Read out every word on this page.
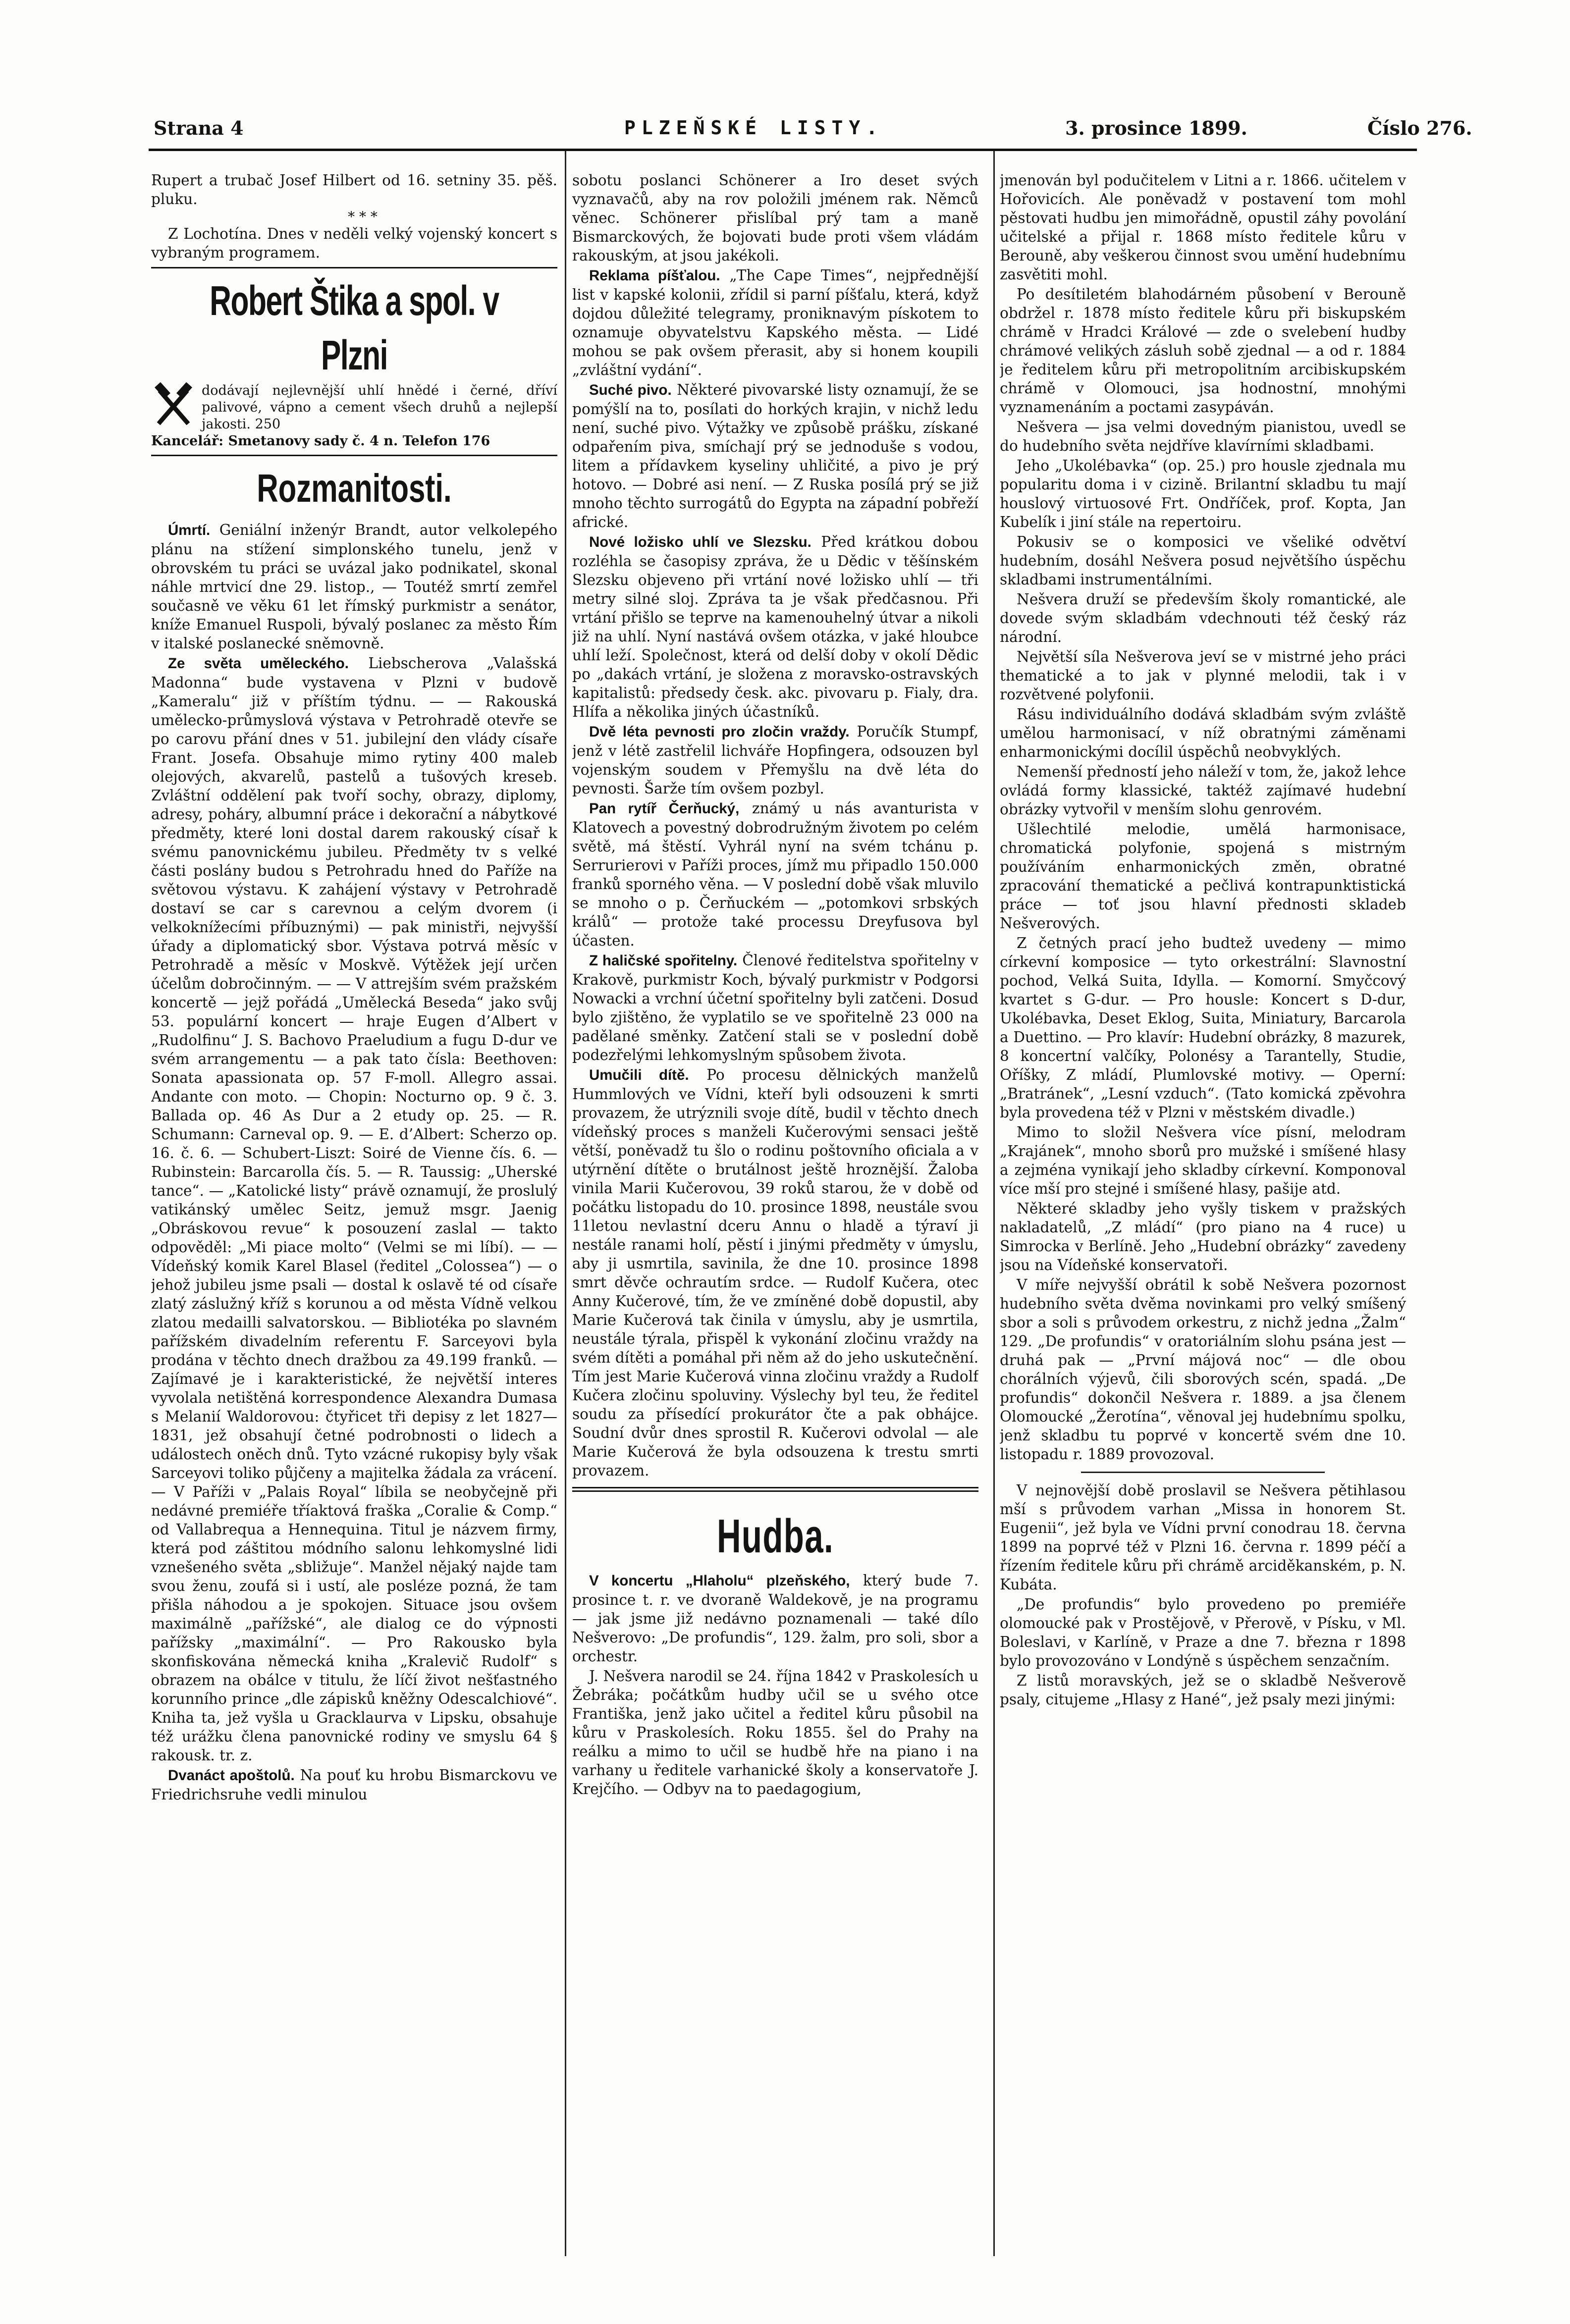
Strana 4	PLZEŇSKÉ LISTY.	3. prosince 1899.	Číslo 276.

Rupert a trubač Josef Hilbert od 16. setniny 35. pěš. pluku.

* * *

Z Lochotína. Dnes v neděli velký vojenský koncert s vybraným programem.

Robert Štika a spol. v Plzni
dodávají nejlevnější uhlí hnědé i černé, dříví palivové, vápno a cement všech druhů a nejlepší jakosti. 250
Kancelář: Smetanovy sady č. 4 n. Telefon 176
Rozmanitosti.

Úmrtí. Geniální inženýr Brandt, autor velkolepého plánu na stížení simplonského tunelu, jenž v obrovském tu práci se uvázal jako podnikatel, skonal náhle mrtvicí dne 29. listop., — Toutéž smrtí zemřel současně ve věku 61 let římský purkmistr a senátor, kníže Emanuel Ruspoli, bývalý poslanec za město Řím v italské poslanecké sněmovně.

Ze světa uměleckého. Liebscherova „Valašská Madonna“ bude vystavena v Plzni v budově „Kameralu“ již v příštím týdnu. — — Rakouská umělecko-průmyslová výstava v Petrohradě otevře se po carovu přání dnes v 51. jubilejní den vlády císaře Frant. Josefa. Obsahuje mimo rytiny 400 maleb olejových, akvarelů, pastelů a tušových kreseb. Zvláštní oddělení pak tvoří sochy, obrazy, diplomy, adresy, poháry, albumní práce i dekorační a nábytkové předměty, které loni dostal darem rakouský císař k svému panovnickému jubileu. Předměty tv s velké části poslány budou s Petrohradu hned do Paříže na světovou výstavu. K zahájení výstavy v Petrohradě dostaví se car s carevnou a celým dvorem (i velkoknížecími příbuznými) — pak ministři, nejvyšší úřady a diplomatický sbor. Výstava potrvá měsíc v Petrohradě a měsíc v Moskvě. Výtěžek její určen účelům dobročinným. — — V attrejším svém pražském koncertě — jejž pořádá „Umělecká Beseda“ jako svůj 53. populární koncert — hraje Eugen d’Albert v „Rudolfinu“ J. S. Bachovo Praeludium a fugu D-dur ve svém arrangementu — a pak tato čísla: Beethoven: Sonata apassionata op. 57 F-moll. Allegro assai. Andante con moto. — Chopin: Nocturno op. 9 č. 3. Ballada op. 46 As Dur a 2 etudy op. 25. — R. Schumann: Carneval op. 9. — E. d’Albert: Scherzo op. 16. č. 6. — Schubert-Liszt: Soiré de Vienne čís. 6. — Rubinstein: Barcarolla čís. 5. — R. Taussig: „Uherské tance“. — „Katolické listy“ právě oznamují, že proslulý vatikánský umělec Seitz, jemuž msgr. Jaenig „Obráskovou revue“ k posouzení zaslal — takto odpověděl: „Mi piace molto“ (Velmi se mi líbí). — — Vídeňský komik Karel Blasel (ředitel „Colossea“) — o jehož jubileu jsme psali — dostal k oslavě té od císaře zlatý záslužný kříž s korunou a od města Vídně velkou zlatou medailli salvatorskou. — Bibliotéka po slavném pařížském divadelním referentu F. Sarceyovi byla prodána v těchto dnech dražbou za 49.199 franků. — Zajímavé je i karakteristické, že největší interes vyvolala netištěná korrespondence Alexandra Dumasa s Melanií Waldorovou: čtyřicet tři depisy z let 1827—1831, jež obsahují četné podrobnosti o lidech a událostech oněch dnů. Tyto vzácné rukopisy byly však Sarceyovi toliko půjčeny a majitelka žádala za vrácení. — V Paříži v „Palais Royal“ líbila se neobyčejně při nedávné premiéře tříaktová fraška „Coralie & Comp.“ od Vallabrequa a Hennequina. Titul je názvem firmy, která pod záštitou módního salonu lehkomyslné lidi vznešeného světa „sbližuje“. Manžel nějaký najde tam svou ženu, zoufá si i ustí, ale posléze pozná, že tam přišla náhodou a je spokojen. Situace jsou ovšem maximálně „pařížské“, ale dialog ce do výpnosti pařížsky „maximální“. — Pro Rakousko byla skonfiskována německá kniha „Kralevič Rudolf“ s obrazem na obálce v titulu, že líčí život nešťastného korunního prince „dle zápisků kněžny Odescalchiové“. Kniha ta, jež vyšla u Gracklaurva v Lipsku, obsahuje též urážku člena panovnické rodiny ve smyslu 64 § rakousk. tr. z.

Dvanáct apoštolů. Na pouť ku hrobu Bismarckovu ve Friedrichsruhe vedli minulou

sobotu poslanci Schönerer a Iro deset svých vyznavačů, aby na rov položili jménem rak. Němců věnec. Schönerer přislíbal prý tam a maně Bismarckových, že bojovati bude proti všem vládám rakouským, at jsou jakékoli.

Reklama píšťalou. „The Cape Times“, nejpřednější list v kapské kolonii, zřídil si parní píšťalu, která, když dojdou důležité telegramy, proniknavým pískotem to oznamuje obyvatelstvu Kapského města. — Lidé mohou se pak ovšem přerasit, aby si honem koupili „zvláštní vydání“.

Suché pivo. Některé pivovarské listy oznamují, že se pomýšlí na to, posílati do horkých krajin, v nichž ledu není, suché pivo. Výtažky ve způsobě prášku, získané odpařením piva, smíchají prý se jednoduše s vodou, litem a přídavkem kyseliny uhličité, a pivo je prý hotovo. — Dobré asi není. — Z Ruska posílá prý se již mnoho těchto surrogátů do Egypta na západní pobřeží africké.

Nové ložisko uhlí ve Slezsku. Před krátkou dobou rozléhla se časopisy zpráva, že u Dědic v těšínském Slezsku objeveno při vrtání nové ložisko uhlí — tři metry silné sloj. Zpráva ta je však předčasnou. Při vrtání přišlo se teprve na kamenouhelný útvar a nikoli již na uhlí. Nyní nastává ovšem otázka, v jaké hloubce uhlí leží. Společnost, která od delší doby v okolí Dědic po „dakách vrtání, je složena z moravsko-ostravských kapitalistů: předsedy česk. akc. pivovaru p. Fialy, dra. Hlífa a několika jiných účastníků.

Dvě léta pevnosti pro zločin vraždy. Poručík Stumpf, jenž v létě zastřelil lichváře Hopfingera, odsouzen byl vojenským soudem v Přemyšlu na dvě léta do pevnosti. Šarže tím ovšem pozbyl.

Pan rytíř Čerňucký, známý u nás avanturista v Klatovech a povestný dobrodružným životem po celém světě, má štěstí. Vyhrál nyní na svém tchánu p. Serrurierovi v Paříži proces, jímž mu připadlo 150.000 franků sporného věna. — V poslední době však mluvilo se mnoho o p. Čerňuckém — „potomkovi srbských králů“ — protože také processu Dreyfusova byl účasten.

Z haličské spořitelny. Členové ředitelstva spořitelny v Krakově, purkmistr Koch, bývalý purkmistr v Podgorsi Nowacki a vrchní účetní spořitelny byli zatčeni. Dosud bylo zjištěno, že vyplatilo se ve spořitelně 23 000 na padělané směnky. Zatčení stali se v poslední době podezřelými lehkomyslným spůsobem života.

Umučili dítě. Po procesu dělnických manželů Hummlových ve Vídni, kteří byli odsouzeni k smrti provazem, že utrýznili svoje dítě, budil v těchto dnech vídeňský proces s manželi Kučerovými sensaci ještě větší, poněvadž tu šlo o rodinu poštovního oficiala a v utýrnění dítěte o brutálnost ještě hroznější. Žaloba vinila Marii Kučerovou, 39 roků starou, že v době od počátku listopadu do 10. prosince 1898, neustále svou 11letou nevlastní dceru Annu o hladě a týraví ji nestále ranami holí, pěstí i jinými předměty v úmyslu, aby ji usmrtila, savinila, že dne 10. prosince 1898 smrt děvče ochrautím srdce. — Rudolf Kučera, otec Anny Kučerové, tím, že ve zmíněné době dopustil, aby Marie Kučerová tak činila v úmyslu, aby je usmrtila, neustále týrala, přispěl k vykonání zločinu vraždy na svém dítěti a pomáhal při něm až do jeho uskutečnění. Tím jest Marie Kučerová vinna zločinu vraždy a Rudolf Kučera zločinu spoluviny. Výslechy byl teu, že ředitel soudu za přísedící prokurátor čte a pak obhájce. Soudní dvůr dnes sprostil R. Kučerovi odvolal — ale Marie Kučerová že byla odsouzena k trestu smrti provazem.

Hudba.

V koncertu „Hlaholu“ plzeňského, který bude 7. prosince t. r. ve dvoraně Waldekově, je na programu — jak jsme již nedávno poznamenali — také dílo Nešverovo: „De profundis“, 129. žalm, pro soli, sbor a orchestr.

J. Nešvera narodil se 24. října 1842 v Praskolesích u Žebráka; počátkům hudby učil se u svého otce Františka, jenž jako učitel a ředitel kůru působil na kůru v Praskolesích. Roku 1855. šel do Prahy na reálku a mimo to učil se hudbě hře na piano i na varhany u ředitele varhanické školy a konservatoře J. Krejčího. — Odbyv na to paedagogium,

jmenován byl podučitelem v Litni a r. 1866. učitelem v Hořovicích. Ale poněvadž v postavení tom mohl pěstovati hudbu jen mimořádně, opustil záhy povolání učitelské a přijal r. 1868 místo ředitele kůru v Berouně, aby veškerou činnost svou umění hudebnímu zasvětiti mohl.

Po desítiletém blahodárném působení v Berouně obdržel r. 1878 místo ředitele kůru při biskupském chrámě v Hradci Králové — zde o svelebení hudby chrámové velikých zásluh sobě zjednal — a od r. 1884 je ředitelem kůru při metropolitním arcibiskupském chrámě v Olomouci, jsa hodnostní, mnohými vyznamenáním a poctami zasypáván.

Nešvera — jsa velmi dovedným pianistou, uvedl se do hudebního světa nejdříve klavírními skladbami.

Jeho „Ukolébavka“ (op. 25.) pro housle zjednala mu popularitu doma i v cizině. Brilantní skladbu tu mají houslový virtuosové Frt. Ondříček, prof. Kopta, Jan Kubelík i jiní stále na repertoiru.

Pokusiv se o komposici ve všeliké odvětví hudebním, dosáhl Nešvera posud největšího úspěchu skladbami instrumentálními.

Nešvera druží se především školy romantické, ale dovede svým skladbám vdechnouti též český ráz národní.

Největší síla Nešverova jeví se v mistrné jeho práci thematické a to jak v plynné melodii, tak i v rozvětvené polyfonii.

Rásu individuálního dodává skladbám svým zvláště umělou harmonisací, v níž obratnými záměnami enharmonickými docílil úspěchů neobvyklých.

Nemenší předností jeho náleží v tom, že, jakož lehce ovládá formy klassické, taktéž zajímavé hudební obrázky vytvořil v menším slohu genrovém.

Ušlechtilé melodie, umělá harmonisace, chromatická polyfonie, spojená s mistrným používáním enharmonických změn, obratné zpracování thematické a pečlivá kontrapunktistická práce — toť jsou hlavní přednosti skladeb Nešverových.

Z četných prací jeho budtež uvedeny — mimo církevní komposice — tyto orkestrální: Slavnostní pochod, Velká Suita, Idylla. — Komorní. Smyčcový kvartet s G-dur. — Pro housle: Koncert s D-dur, Ukolébavka, Deset Eklog, Suita, Miniatury, Barcarola a Duettino. — Pro klavír: Hudební obrázky, 8 mazurek, 8 koncertní valčíky, Polonésy a Tarantelly, Studie, Oříšky, Z mládí, Plumlovské motivy. — Operní: „Bratránek“, „Lesní vzduch“. (Tato komická zpěvohra byla provedena též v Plzni v městském divadle.)

Mimo to složil Nešvera více písní, melodram „Krajánek“, mnoho sborů pro mužské i smíšené hlasy a zejména vynikají jeho skladby církevní. Komponoval více mší pro stejné i smíšené hlasy, pašije atd.

Některé skladby jeho vyšly tiskem v pražských nakladatelů, „Z mládí“ (pro piano na 4 ruce) u Simrocka v Berlíně. Jeho „Hudební obrázky“ zavedeny jsou na Vídeňské konservatoři.

V míře nejvyšší obrátil k sobě Nešvera pozornost hudebního světa dvěma novinkami pro velký smíšený sbor a soli s průvodem orkestru, z nichž jedna „Žalm“ 129. „De profundis“ v oratoriálním slohu psána jest — druhá pak — „První májová noc“ — dle obou chorálních výjevů, čili sborových scén, spadá. „De profundis“ dokončil Nešvera r. 1889. a jsa členem Olomoucké „Žerotína“, věnoval jej hudebnímu spolku, jenž skladbu tu poprvé v koncertě svém dne 10. listopadu r. 1889 provozoval.

V nejnovější době proslavil se Nešvera pětihlasou mší s průvodem varhan „Missa in honorem St. Eugenii“, jež byla ve Vídni první conodrau 18. června 1899 na poprvé též v Plzni 16. června r. 1899 péčí a řízením ředitele kůru při chrámě arciděkanském, p. N. Kubáta.

„De profundis“ bylo provedeno po premiéře olomoucké pak v Prostějově, v Přerově, v Písku, v Ml. Boleslavi, v Karlíně, v Praze a dne 7. března r 1898 bylo provozováno v Londýně s úspěchem senzačním.

Z listů moravských, jež se o skladbě Nešverově psaly, citujeme „Hlasy z Hané“, jež psaly mezi jinými:
